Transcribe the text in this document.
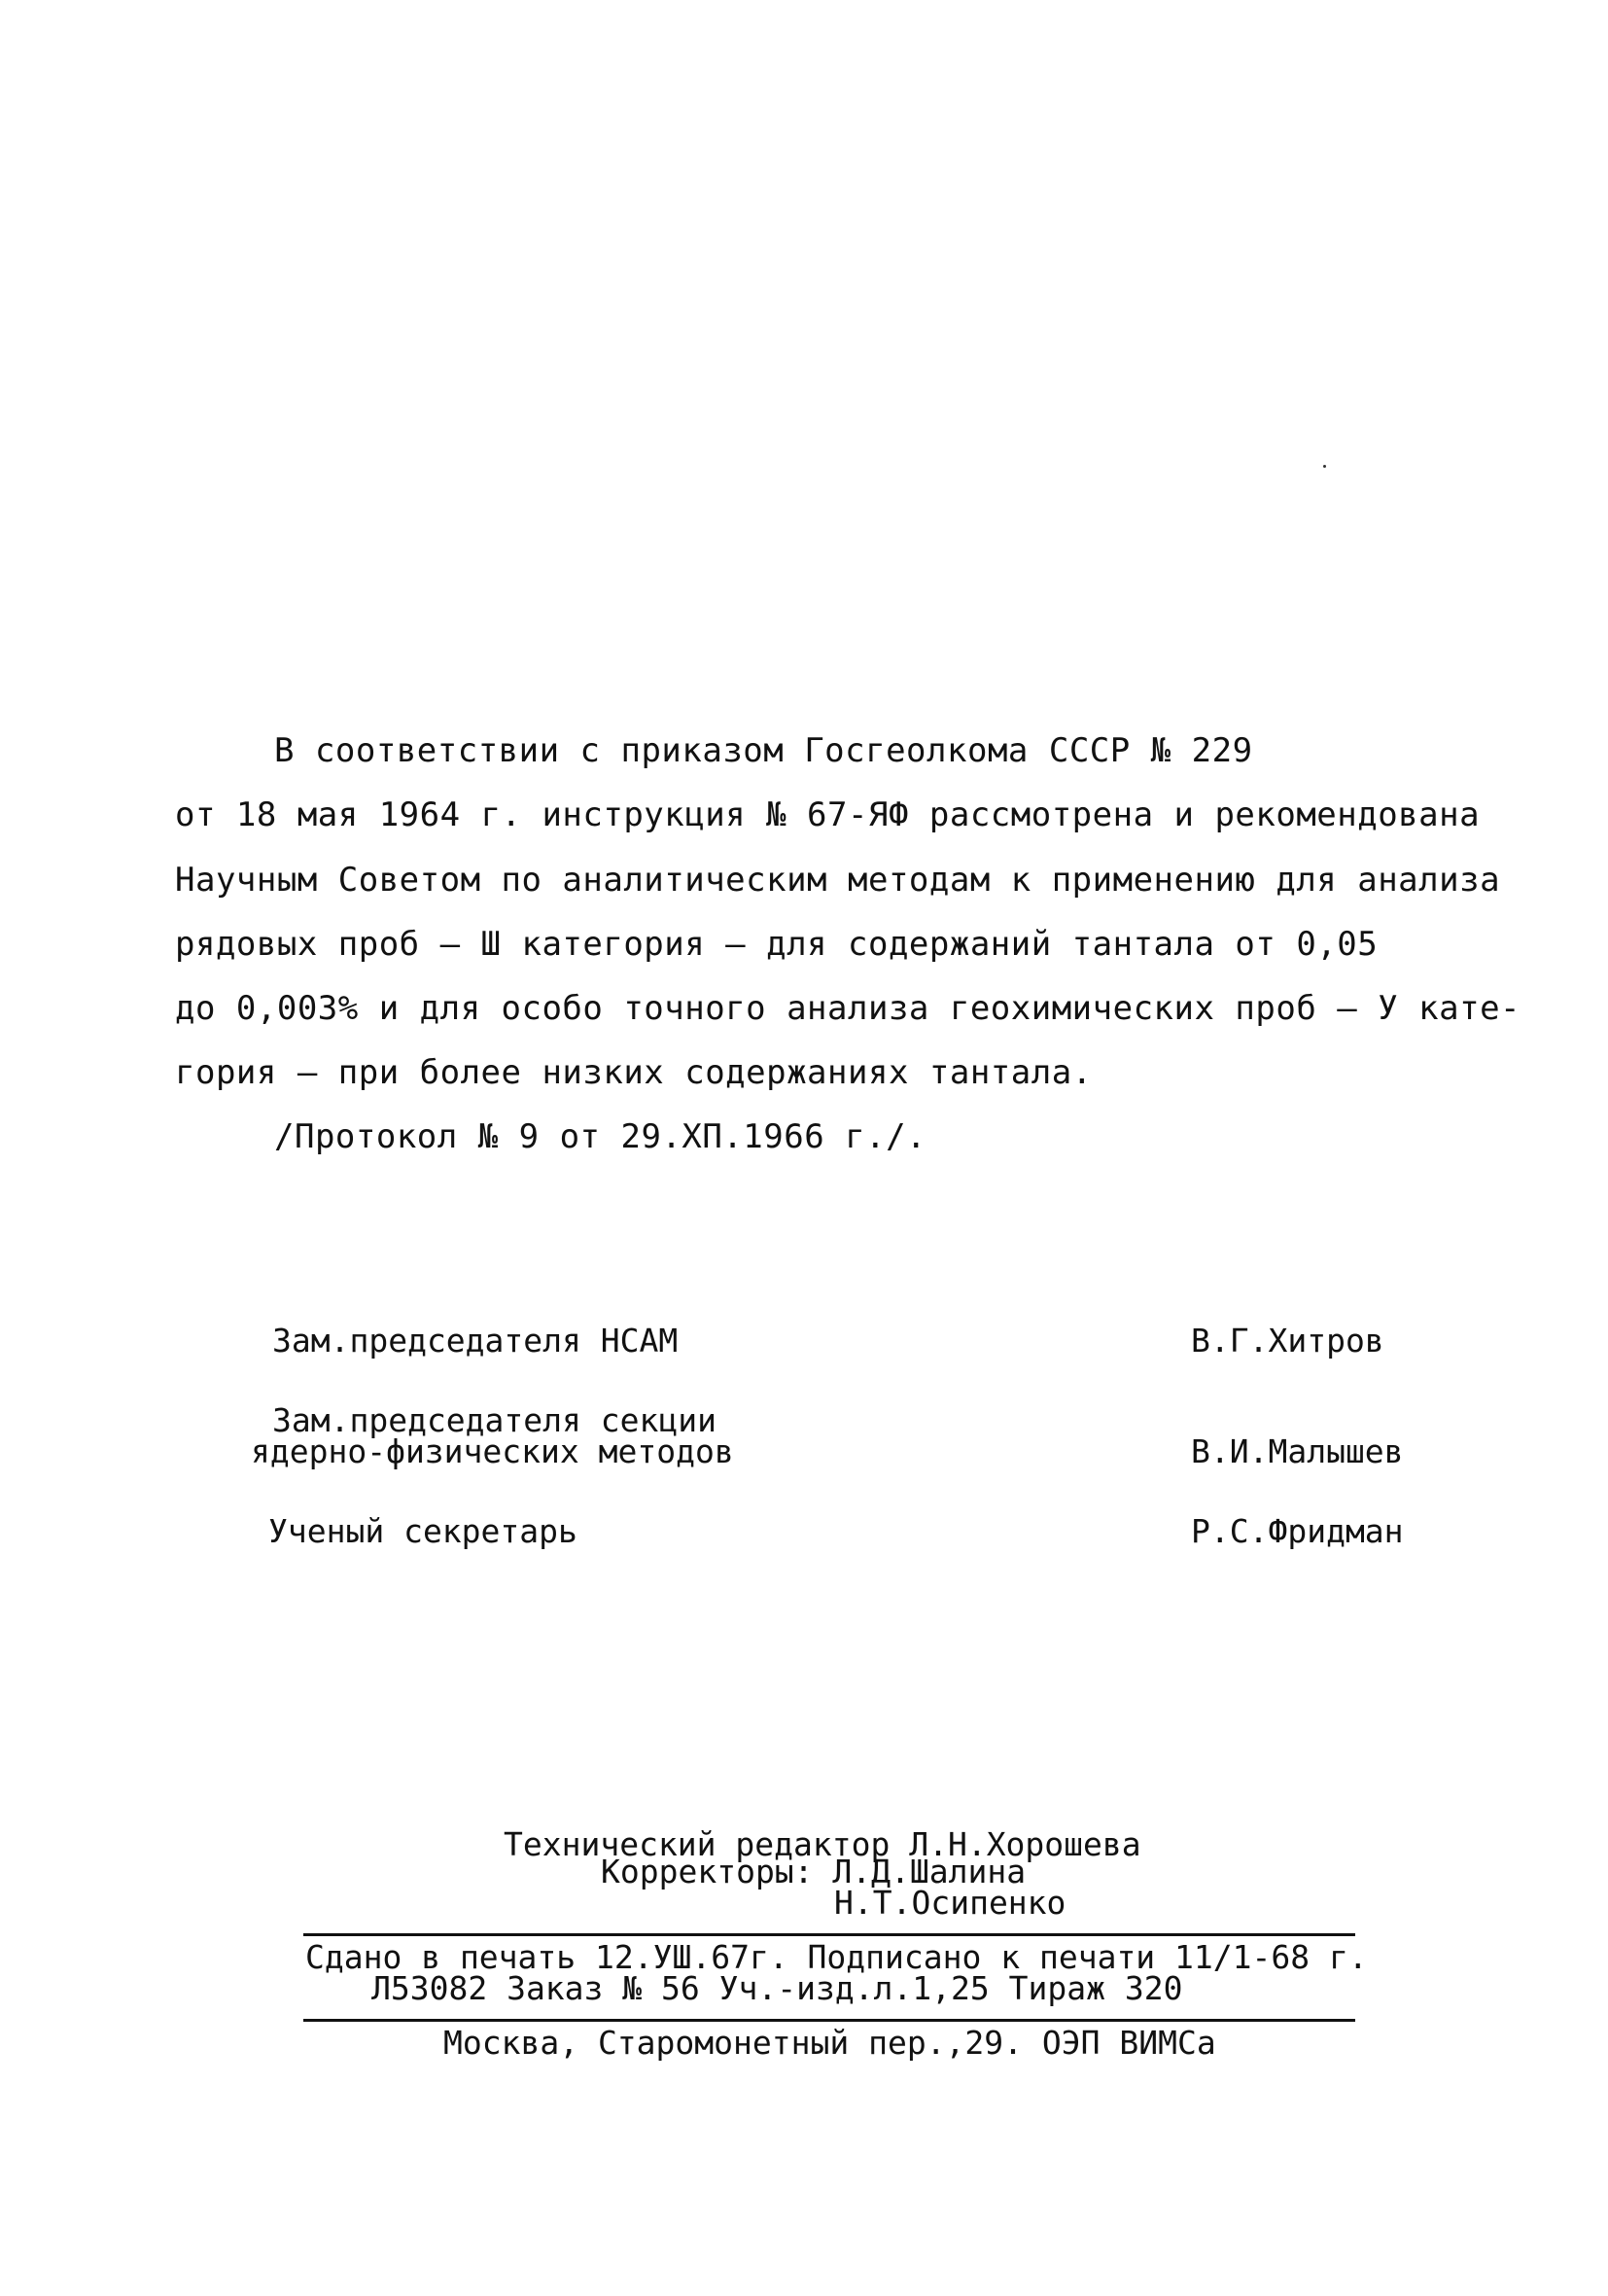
В соответствии с приказом Госгеолкома СССР № 229
от 18 мая 1964 г. инструкция № 67-ЯФ рассмотрена и рекомендована
Научным Советом по аналитическим методам к применению для анализа
рядовых проб – Ш категория – для содержаний тантала от 0,05
до 0,003% и для особо точного анализа геохимических проб – У кате-
гория – при более низких содержаниях тантала.
/Протокол № 9 от 29.ХП.1966 г./.
Зам.председателя НСАМ	В.Г.Хитров
Зам.председателя секции
ядерно-физических методов	В.И.Малышев
Ученый секретарь	Р.С.Фридман
Технический редактор Л.Н.Хорошева
Корректоры: Л.Д.Шалина
Н.Т.Осипенко
Сдано в печать 12.УШ.67г. Подписано к печати 11/1-68 г.
Л53082 Заказ № 56 Уч.-изд.л.1,25 Тираж 320
Москва, Старомонетный пер.,29. ОЭП ВИМСа
